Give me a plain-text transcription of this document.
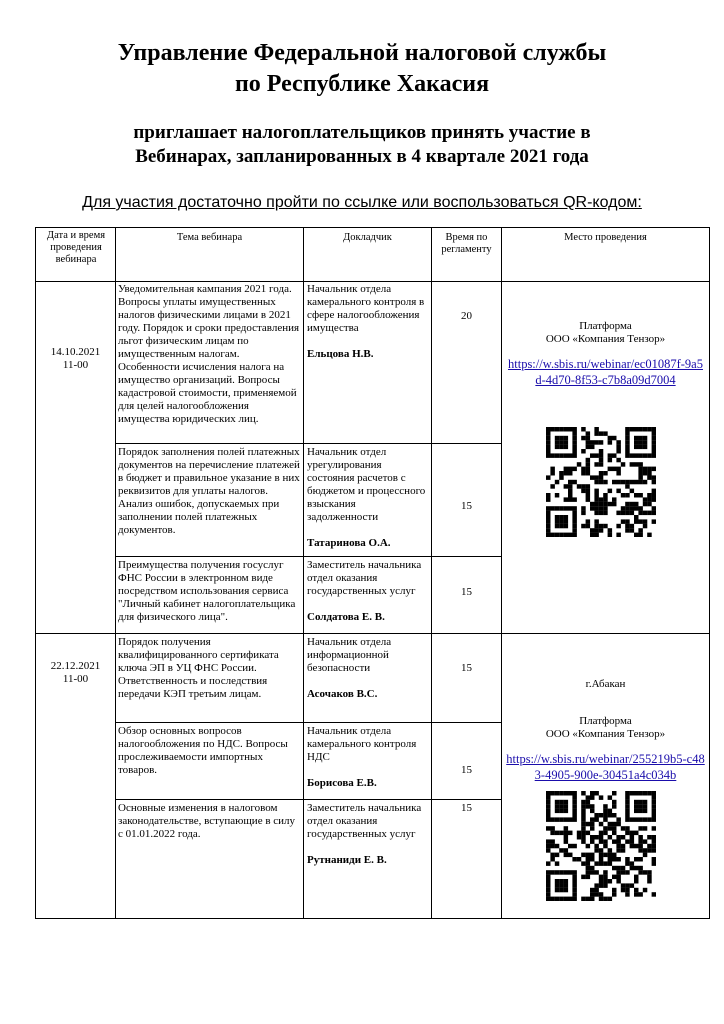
Управление Федеральной налоговой службы
по Республике Хакасия
приглашает налогоплательщиков принять участие в
Вебинарах, запланированных в 4 квартале 2021 года
Для участия достаточно пройти по ссылке или воспользоваться QR-кодом:
Дата и время проведения вебинара
Тема вебинара	Докладчик	Время по регламенту
Место проведения
14.10.2021
11-00
Уведомительная кампания 2021 года. Вопросы уплаты имущественных налогов физическими лицами в 2021 году. Порядок и сроки предоставления льгот физическим лицам по имущественным налогам. Особенности исчисления налога на имущество организаций. Вопросы кадастровой стоимости, применяемой для целей налогообложения имущества юридических лиц.
Начальник отдела камерального контроля в сфере налогообложения имущества
Ельцова Н.В.
20
Порядок заполнения полей платежных документов на перечисление платежей в бюджет и правильное указание в них реквизитов для уплаты налогов. Анализ ошибок, допускаемых при заполнении полей платежных документов.
Начальник отдел урегулирования состояния расчетов с бюджетом и процессного взыскания задолженности
Татаринова О.А.
15
Преимущества получения госуслуг ФНС России в электронном виде посредством использования сервиса "Личный кабинет налогоплательщика для физического лица".
Заместитель начальника отдел оказания государственных услуг
Солдатова Е. В.
15
Платформа
ООО «Компания Тензор»
https://w.sbis.ru/webinar/ec01087f-9a5d-4d70-8f53-c7b8a09d7004
22.12.2021
11-00
Порядок получения квалифицированного сертификата ключа ЭП в УЦ ФНС России. Ответственность и последствия передачи КЭП третьим лицам.
Начальник отдела информационной безопасности
Асочаков В.С.
15
Обзор основных вопросов налогообложения по НДС. Вопросы прослеживаемости импортных товаров.
Начальник отдела камерального контроля НДС
Борисова Е.В.
15
Основные изменения в налоговом законодательстве, вступающие в силу с 01.01.2022 года.
Заместитель начальника отдел оказания государственных услуг
Рутнаниди Е. В.
15
г.Абакан
Платформа
ООО «Компания Тензор»
https://w.sbis.ru/webinar/255219b5-c483-4905-900e-30451a4c034b
